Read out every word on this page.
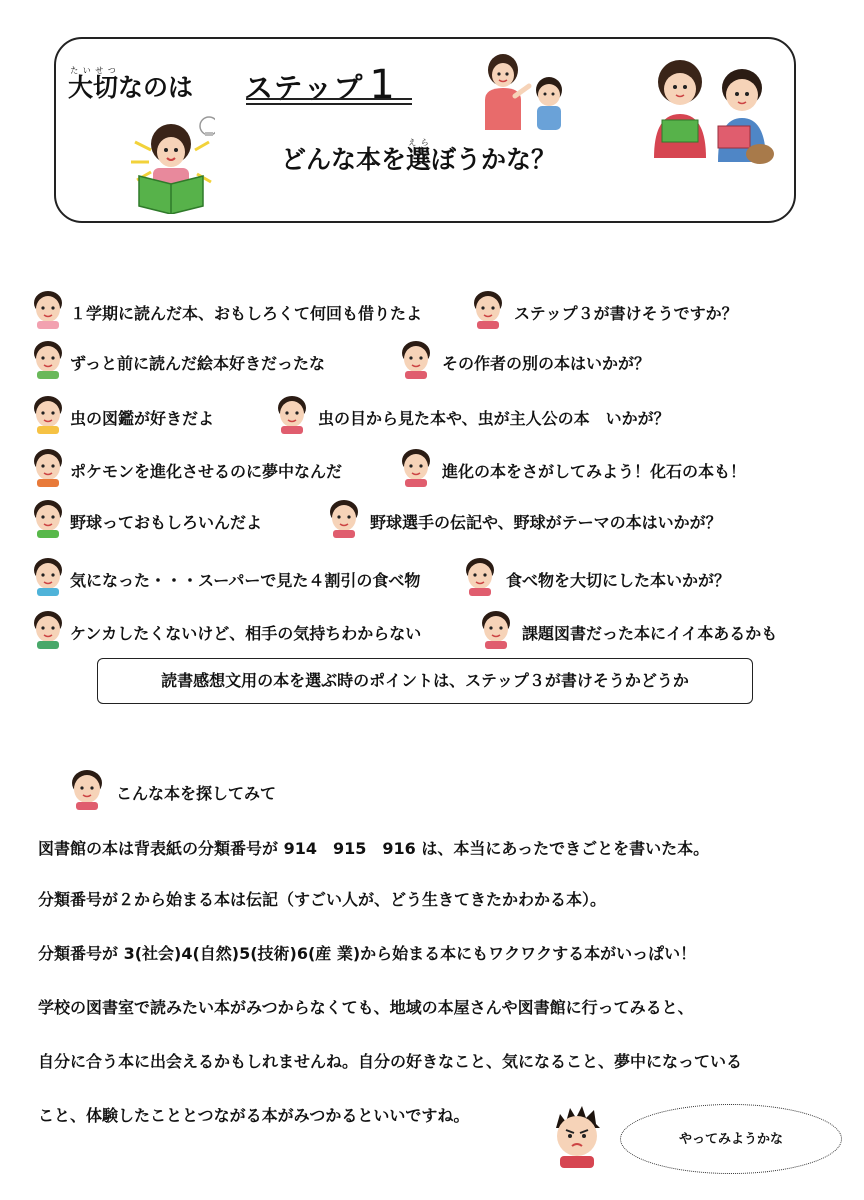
大切たいせつなのは ステップ 1
どんな本を選えらぼうかな？
１学期に読んだ本、おもしろくて何回も借りたよ	ステップ３が書けそうですか？
ずっと前に読んだ絵本好きだったな	その作者の別の本はいかが？
虫の図鑑が好きだよ	虫の目から見た本や、虫が主人公の本　いかが？
ポケモンを進化させるのに夢中なんだ	進化の本をさがしてみよう！化石の本も！
野球っておもしろいんだよ	野球選手の伝記や、野球がテーマの本はいかが？
気になった・・・スーパーで見た４割引の食べ物	食べ物を大切にした本いかが？
ケンカしたくないけど、相手の気持ちわからない	課題図書だった本にイイ本あるかも
読書感想文用の本を選ぶ時のポイントは、ステップ３が書けそうかどうか
こんな本を探してみて
図書館の本は背表紙の分類番号が 914　915　916 は、本当にあったできごとを書いた本。
分類番号が２から始まる本は伝記（すごい人が、どう生きてきたかわかる本）。
分類番号が 3(社会)4(自然)5(技術)6(産 業)から始まる本にもワクワクする本がいっぱい！
学校の図書室で読みたい本がみつからなくても、地域の本屋さんや図書館に行ってみると、
自分に合う本に出会えるかもしれませんね。自分の好きなこと、気になること、夢中になっている
こと、体験したこととつながる本がみつかるといいですね。
やってみようかな
